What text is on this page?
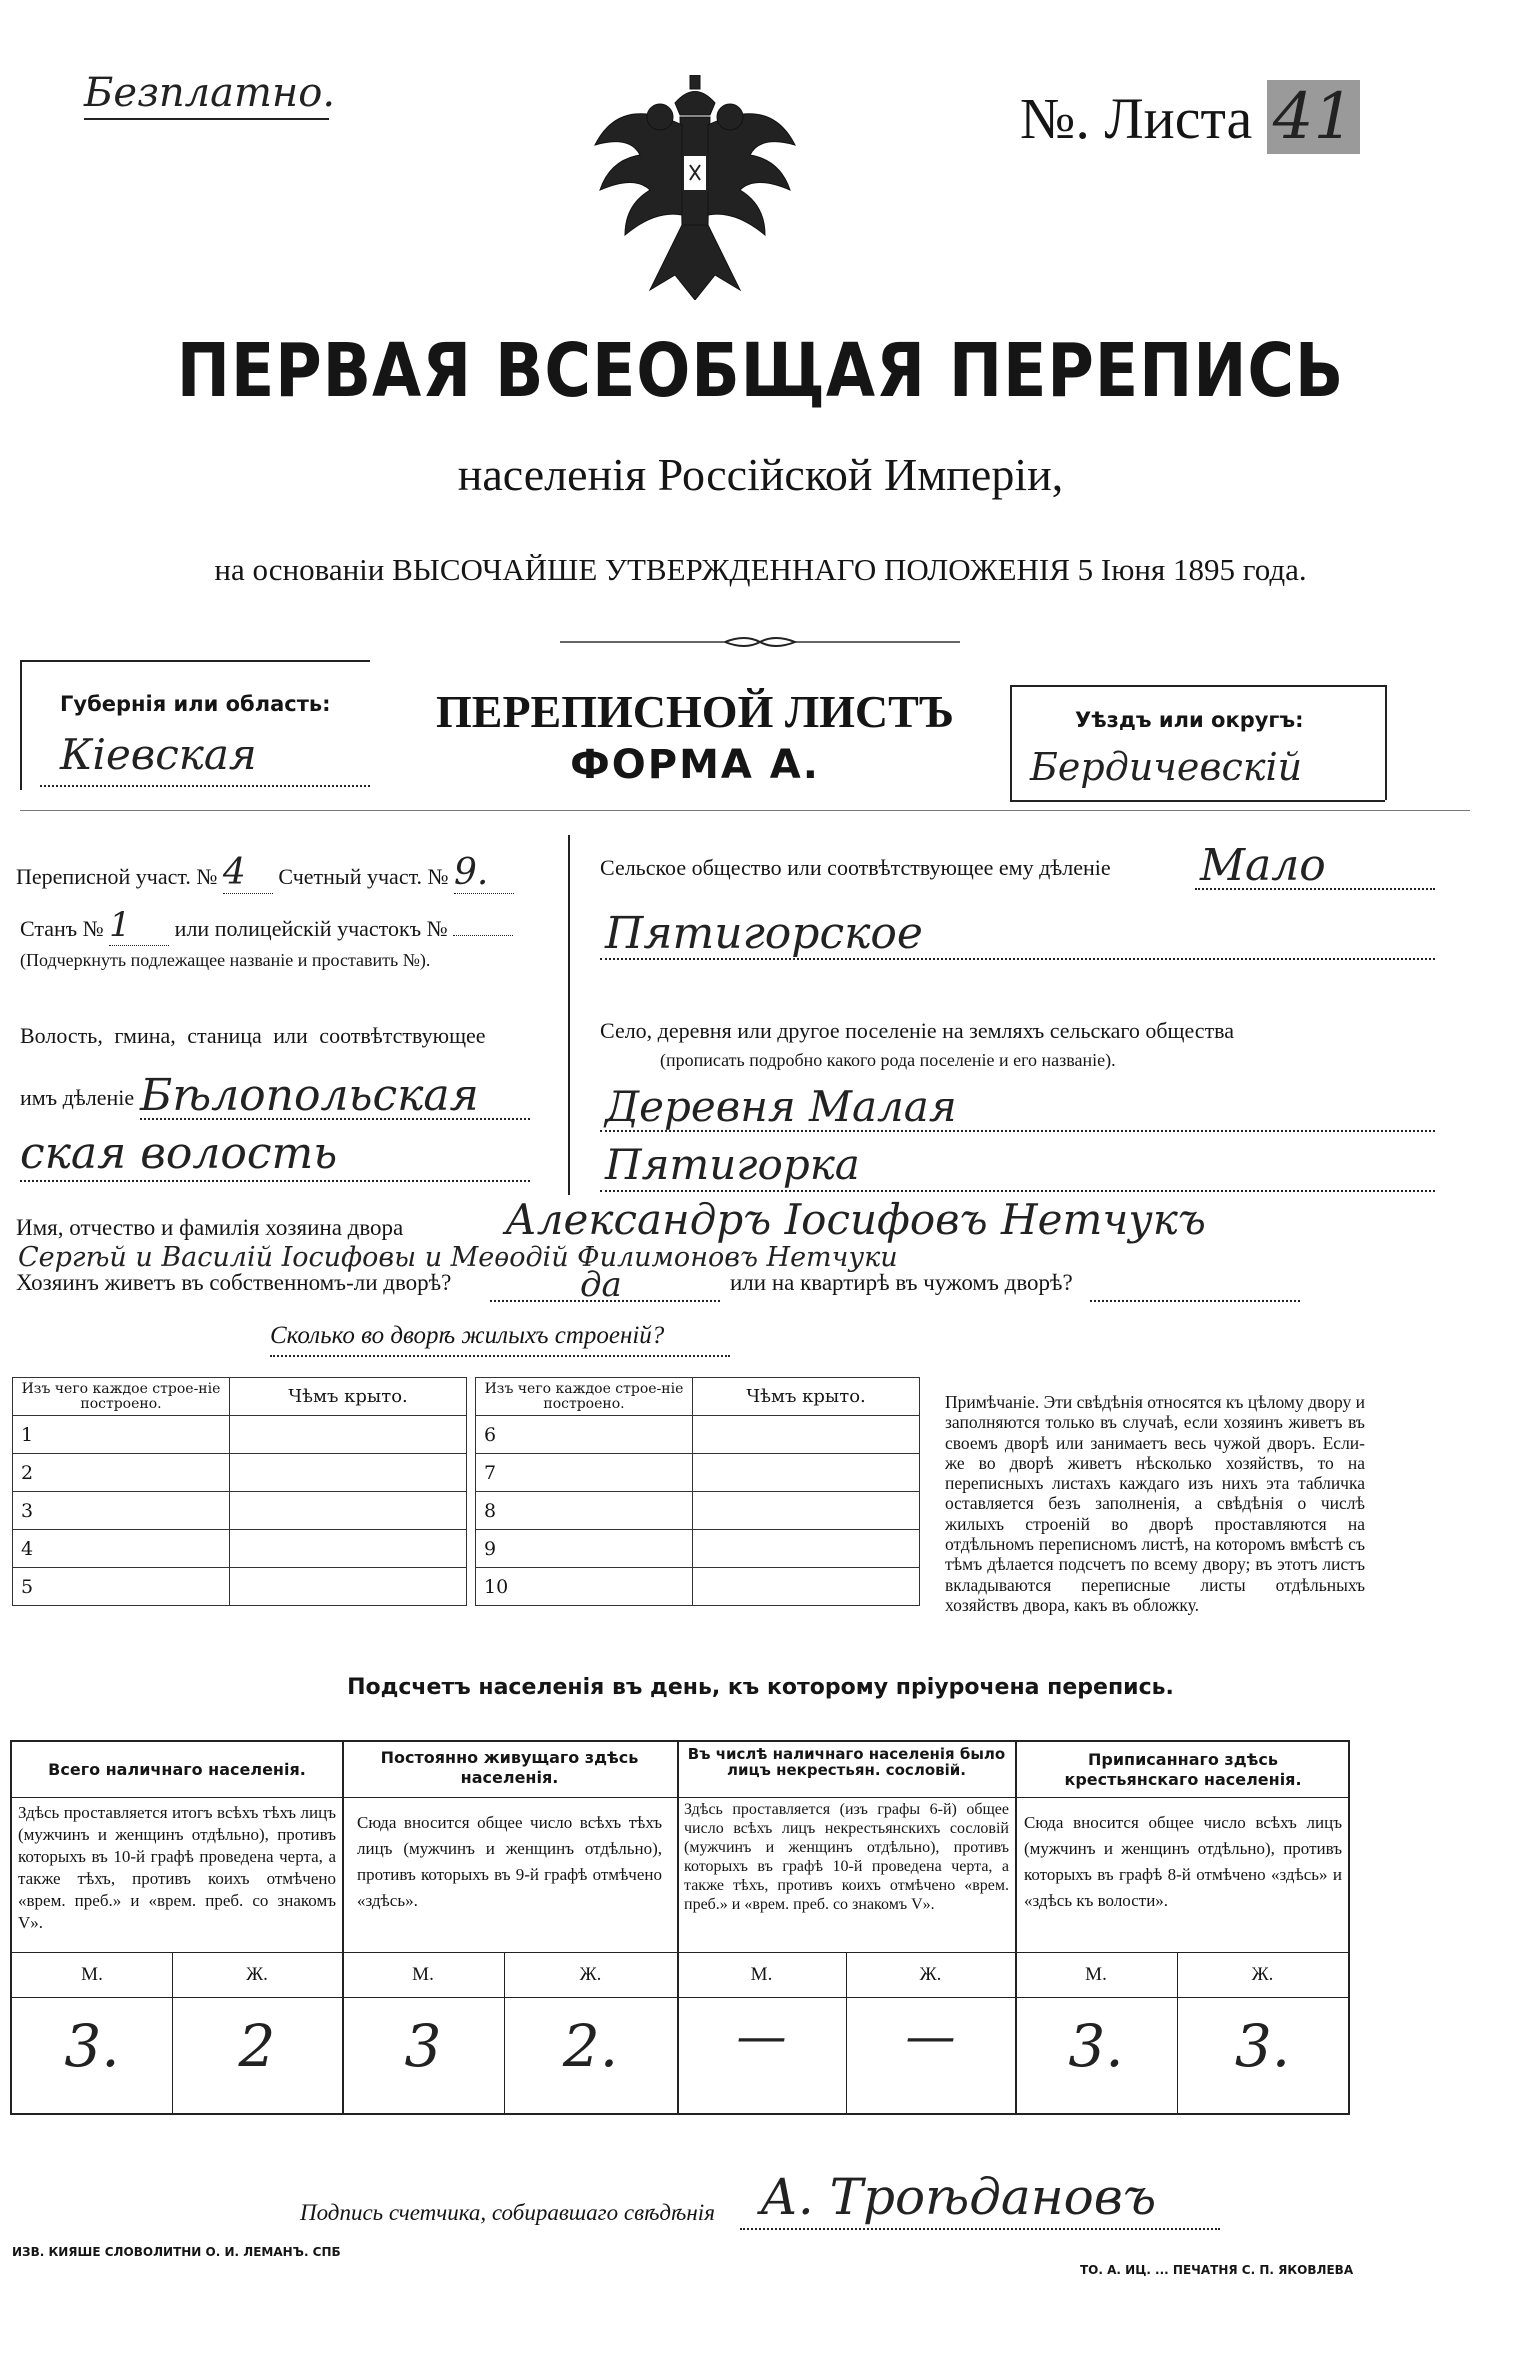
Безплатно.	№. Листа 41
ПЕРВАЯ ВСЕОБЩАЯ ПЕРЕПИСЬ
населенія Россійской Имперіи,
на основаніи ВЫСОЧАЙШЕ УТВЕРЖДЕННАГО ПОЛОЖЕНІЯ 5 Іюня 1895 года.
Губернія или область:
Кіевская
ПЕРЕПИСНОЙ ЛИСТЪ
ФОРМА А.
Уѣздъ или округъ:
Бердичевскій
Переписной участ. № 4 Счетный участ. № 9.
Станъ № 1 или полицейскій участокъ №
(Подчеркнуть подлежащее названіе и проставить №).
Волость, гмина, станица или соотвѣтствующее
имъ дѣленіе Бѣлопольская
ская волость
Сельское общество или соотвѣтствующее ему дѣленіе Мало
Пятигорское
Село, деревня или другое поселеніе на земляхъ сельскаго общества
(прописать подробно какого рода поселеніе и его названіе).
Деревня Малая
Пятигорка
Имя, отчество и фамилія хозяина двора Александръ Іосифовъ Нетчукъ
Сергѣй и Василій Іосифовы и Меѳодій Филимоновъ Нетчуки
Хозяинъ живетъ въ собственномъ-ли дворѣ?	да	или на квартирѣ въ чужомъ дворѣ?
Сколько во дворѣ жилыхъ строеній?
Изъ чего каждое строе-ніе построено.	Чѣмъ крыто.
1	
2	
3	
4	
5	
Изъ чего каждое строе-ніе построено.	Чѣмъ крыто.
6	
7	
8	
9	
10	
Примѣчаніе. Эти свѣдѣнія относятся къ цѣлому двору и заполняются только въ случаѣ, если хозяинъ живетъ въ своемъ дворѣ или занимаетъ весь чужой дворъ. Если-же во дворѣ живетъ нѣсколько хозяйствъ, то на переписныхъ листахъ каждаго изъ нихъ эта табличка оставляется безъ заполненія, а свѣдѣнія о числѣ жилыхъ строеній во дворѣ проставляются на отдѣльномъ переписномъ листѣ, на которомъ вмѣстѣ съ тѣмъ дѣлается подсчетъ по всему двору; въ этотъ листъ вкладываются переписные листы отдѣльныхъ хозяйствъ двора, какъ въ обложку.
Подсчетъ населенія въ день, къ которому пріурочена перепись.
Всего наличнаго населенія.
Здѣсь проставляется итогъ всѣхъ тѣхъ лицъ (мужчинъ и женщинъ отдѣльно), противъ которыхъ въ 10-й графѣ проведена черта, а также тѣхъ, противъ коихъ отмѣчено «врем. преб.» и «врем. преб. со знакомъ V».
Постоянно живущаго здѣсь населенія.
Сюда вносится общее число всѣхъ тѣхъ лицъ (мужчинъ и женщинъ отдѣльно), противъ которыхъ въ 9-й графѣ отмѣчено «здѣсь».
Въ числѣ наличнаго населенія было лицъ некрестьян. сословій.
Здѣсь проставляется (изъ графы 6-й) общее число всѣхъ лицъ некрестьянскихъ сословій (мужчинъ и женщинъ отдѣльно), противъ которыхъ въ графѣ 10-й проведена черта, а также тѣхъ, противъ коихъ отмѣчено «врем. преб.» и «врем. преб. со знакомъ V».
Приписаннаго здѣсь крестьянскаго населенія.
Сюда вносится общее число всѣхъ лицъ (мужчинъ и женщинъ отдѣльно), противъ которыхъ въ графѣ 8-й отмѣчено «здѣсь» и «здѣсь къ волости».
М.	Ж.	М.	Ж.	М.	Ж.	М.	Ж.
3.	2	3	2.	—	—	3.	3.
Подпись счетчика, собиравшаго свѣдѣнія А. Троѣдановъ
ИЗВ. КИЯШЕ СЛОВОЛИТНИ О. И. ЛЕМАНЪ. СПБ
ТО. А. ИЦ. ... ПЕЧАТНЯ С. П. ЯКОВЛЕВА
